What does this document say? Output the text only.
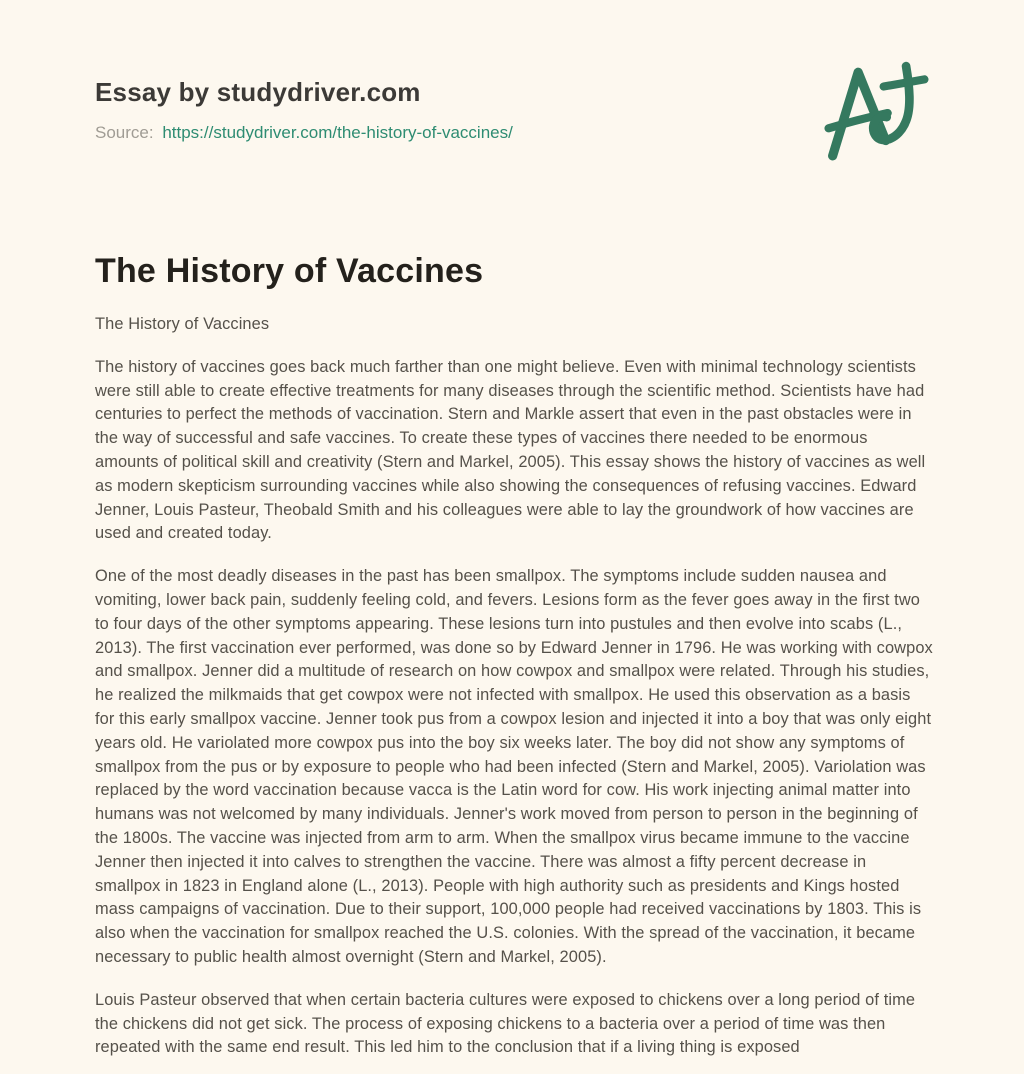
Essay by studydriver.com
Source: https://studydriver.com/the-history-of-vaccines/
The History of Vaccines

The History of Vaccines

The history of vaccines goes back much farther than one might believe. Even with minimal technology scientists were still able to create effective treatments for many diseases through the scientific method. Scientists have had centuries to perfect the methods of vaccination. Stern and Markle assert that even in the past obstacles were in the way of successful and safe vaccines. To create these types of vaccines there needed to be enormous amounts of political skill and creativity (Stern and Markel, 2005). This essay shows the history of vaccines as well as modern skepticism surrounding vaccines while also showing the consequences of refusing vaccines. Edward Jenner, Louis Pasteur, Theobald Smith and his colleagues were able to lay the groundwork of how vaccines are used and created today.

One of the most deadly diseases in the past has been smallpox. The symptoms include sudden nausea and vomiting, lower back pain, suddenly feeling cold, and fevers. Lesions form as the fever goes away in the first two to four days of the other symptoms appearing. These lesions turn into pustules and then evolve into scabs (L., 2013). The first vaccination ever performed, was done so by Edward Jenner in 1796. He was working with cowpox and smallpox. Jenner did a multitude of research on how cowpox and smallpox were related. Through his studies, he realized the milkmaids that get cowpox were not infected with smallpox. He used this observation as a basis for this early smallpox vaccine. Jenner took pus from a cowpox lesion and injected it into a boy that was only eight years old. He variolated more cowpox pus into the boy six weeks later. The boy did not show any symptoms of smallpox from the pus or by exposure to people who had been infected (Stern and Markel, 2005). Variolation was replaced by the word vaccination because vacca is the Latin word for cow. His work injecting animal matter into humans was not welcomed by many individuals. Jenner's work moved from person to person in the beginning of the 1800s. The vaccine was injected from arm to arm. When the smallpox virus became immune to the vaccine Jenner then injected it into calves to strengthen the vaccine. There was almost a fifty percent decrease in smallpox in 1823 in England alone (L., 2013). People with high authority such as presidents and Kings hosted mass campaigns of vaccination. Due to their support, 100,000 people had received vaccinations by 1803. This is also when the vaccination for smallpox reached the U.S. colonies. With the spread of the vaccination, it became necessary to public health almost overnight (Stern and Markel, 2005).

Louis Pasteur observed that when certain bacteria cultures were exposed to chickens over a long period of time the chickens did not get sick. The process of exposing chickens to a bacteria over a period of time was then repeated with the same end result. This led him to the conclusion that if a living thing is exposed
